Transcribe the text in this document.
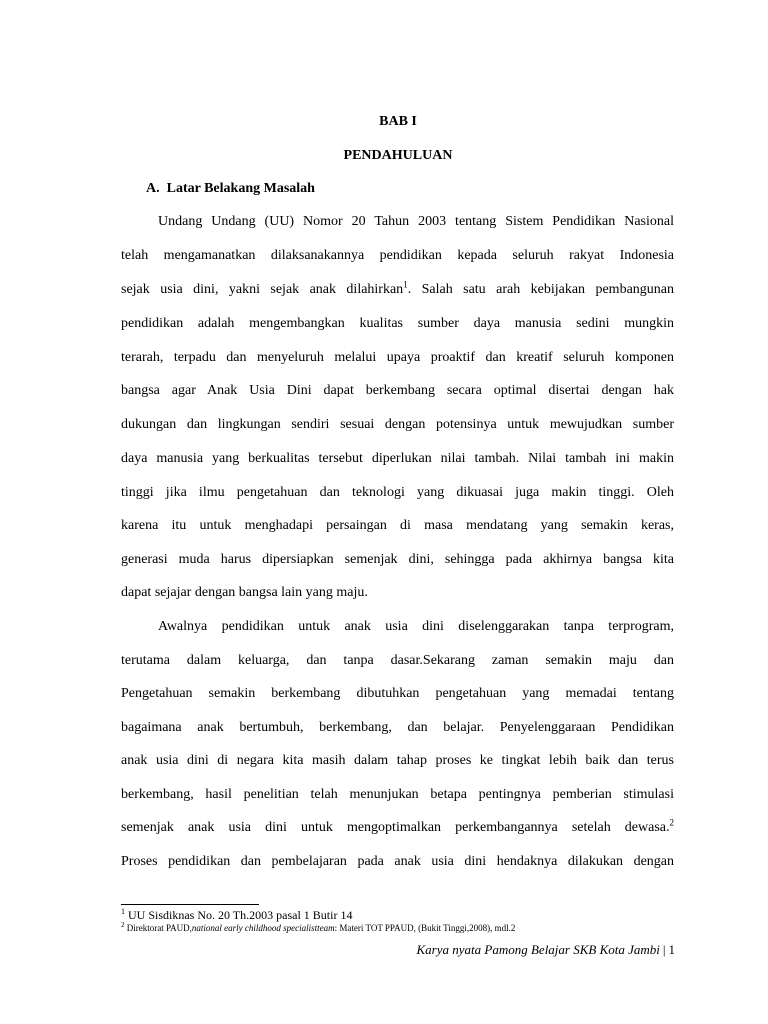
BAB I
PENDAHULUAN
A. Latar Belakang Masalah
Undang Undang (UU) Nomor 20 Tahun 2003 tentang Sistem Pendidikan Nasional
telah mengamanatkan dilaksanakannya pendidikan kepada seluruh rakyat Indonesia
sejak usia dini, yakni sejak anak dilahirkan$^1$. Salah satu arah kebijakan pembangunan
pendidikan adalah mengembangkan kualitas sumber daya manusia sedini mungkin
terarah, terpadu dan menyeluruh melalui upaya proaktif dan kreatif seluruh komponen
bangsa agar Anak Usia Dini dapat berkembang secara optimal disertai dengan hak
dukungan dan lingkungan sendiri sesuai dengan potensinya untuk mewujudkan sumber
daya manusia yang berkualitas tersebut diperlukan nilai tambah. Nilai tambah ini makin
tinggi jika ilmu pengetahuan dan teknologi yang dikuasai juga makin tinggi. Oleh
karena itu untuk menghadapi persaingan di masa mendatang yang semakin keras,
generasi muda harus dipersiapkan semenjak dini, sehingga pada akhirnya bangsa kita
dapat sejajar dengan bangsa lain yang maju.
Awalnya pendidikan untuk anak usia dini diselenggarakan tanpa terprogram,
terutama dalam keluarga, dan tanpa dasar.Sekarang zaman semakin maju dan
Pengetahuan semakin berkembang dibutuhkan pengetahuan yang memadai tentang
bagaimana anak bertumbuh, berkembang, dan belajar. Penyelenggaraan Pendidikan
anak usia dini di negara kita masih dalam tahap proses ke tingkat lebih baik dan terus
berkembang, hasil penelitian telah menunjukan betapa pentingnya pemberian stimulasi
semenjak anak usia dini untuk mengoptimalkan perkembangannya setelah dewasa.$^2$
Proses pendidikan dan pembelajaran pada anak usia dini hendaknya dilakukan dengan
$^1$ UU Sisdiknas No. 20 Th.2003 pasal 1 Butir 14
$^2$ Direktorat PAUD,national early childhood specialistteam: Materi TOT PPAUD, (Bukit Tinggi,2008), mdl.2
Karya nyata Pamong Belajar SKB Kota Jambi | 1
